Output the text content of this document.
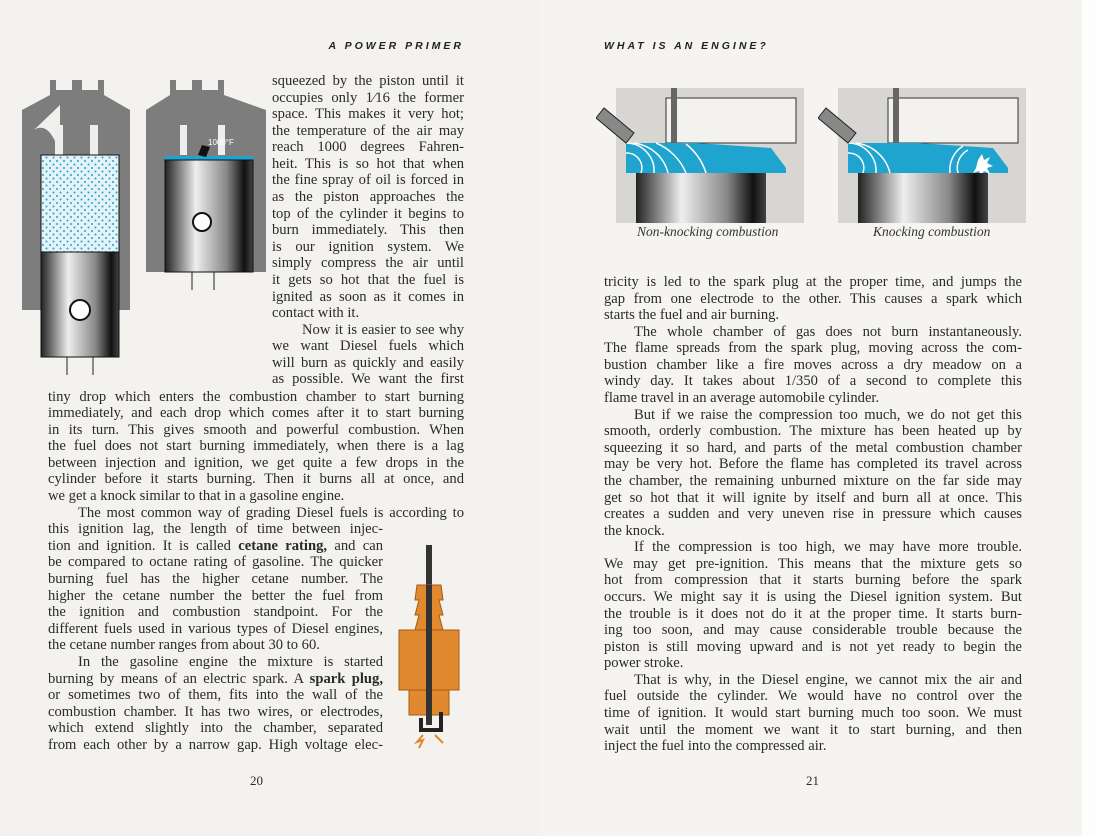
A POWER PRIMER	WHAT IS AN ENGINE?
1000°F
Non-knocking combustion	Knocking combustion
squeezed by the piston until it
occupies only 1⁄16 the former
space. This makes it very hot;
the temperature of the air may
reach 1000 degrees Fahren-
heit. This is so hot that when
the fine spray of oil is forced in
as the piston approaches the
top of the cylinder it begins to
burn immediately. This then
is our ignition system. We
simply compress the air until
it gets so hot that the fuel is
ignited as soon as it comes in
contact with it.
Now it is easier to see why
we want Diesel fuels which
will burn as quickly and easily
as possible. We want the first
tiny drop which enters the combustion chamber to start burning
immediately, and each drop which comes after it to start burning
in its turn. This gives smooth and powerful combustion. When
the fuel does not start burning immediately, when there is a lag
between injection and ignition, we get quite a few drops in the
cylinder before it starts burning. Then it burns all at once, and
we get a knock similar to that in a gasoline engine.
The most common way of grading Diesel fuels is according to
this ignition lag, the length of time between injec-
tion and ignition. It is called cetane rating, and can
be compared to octane rating of gasoline. The quicker
burning fuel has the higher cetane number. The
higher the cetane number the better the fuel from
the ignition and combustion standpoint. For the
different fuels used in various types of Diesel engines,
the cetane number ranges from about 30 to 60.
In the gasoline engine the mixture is started
burning by means of an electric spark. A spark plug,
or sometimes two of them, fits into the wall of the
combustion chamber. It has two wires, or electrodes,
which extend slightly into the chamber, separated
from each other by a narrow gap. High voltage elec-
tricity is led to the spark plug at the proper time, and jumps the
gap from one electrode to the other. This causes a spark which
starts the fuel and air burning.
The whole chamber of gas does not burn instantaneously.
The flame spreads from the spark plug, moving across the com-
bustion chamber like a fire moves across a dry meadow on a
windy day. It takes about 1/350 of a second to complete this
flame travel in an average automobile cylinder.
But if we raise the compression too much, we do not get this
smooth, orderly combustion. The mixture has been heated up by
squeezing it so hard, and parts of the metal combustion chamber
may be very hot. Before the flame has completed its travel across
the chamber, the remaining unburned mixture on the far side may
get so hot that it will ignite by itself and burn all at once. This
creates a sudden and very uneven rise in pressure which causes
the knock.
If the compression is too high, we may have more trouble.
We may get pre-ignition. This means that the mixture gets so
hot from compression that it starts burning before the spark
occurs. We might say it is using the Diesel ignition system. But
the trouble is it does not do it at the proper time. It starts burn-
ing too soon, and may cause considerable trouble because the
piston is still moving upward and is not yet ready to begin the
power stroke.
That is why, in the Diesel engine, we cannot mix the air and
fuel outside the cylinder. We would have no control over the
time of ignition. It would start burning much too soon. We must
wait until the moment we want it to start burning, and then
inject the fuel into the compressed air.
20	21
